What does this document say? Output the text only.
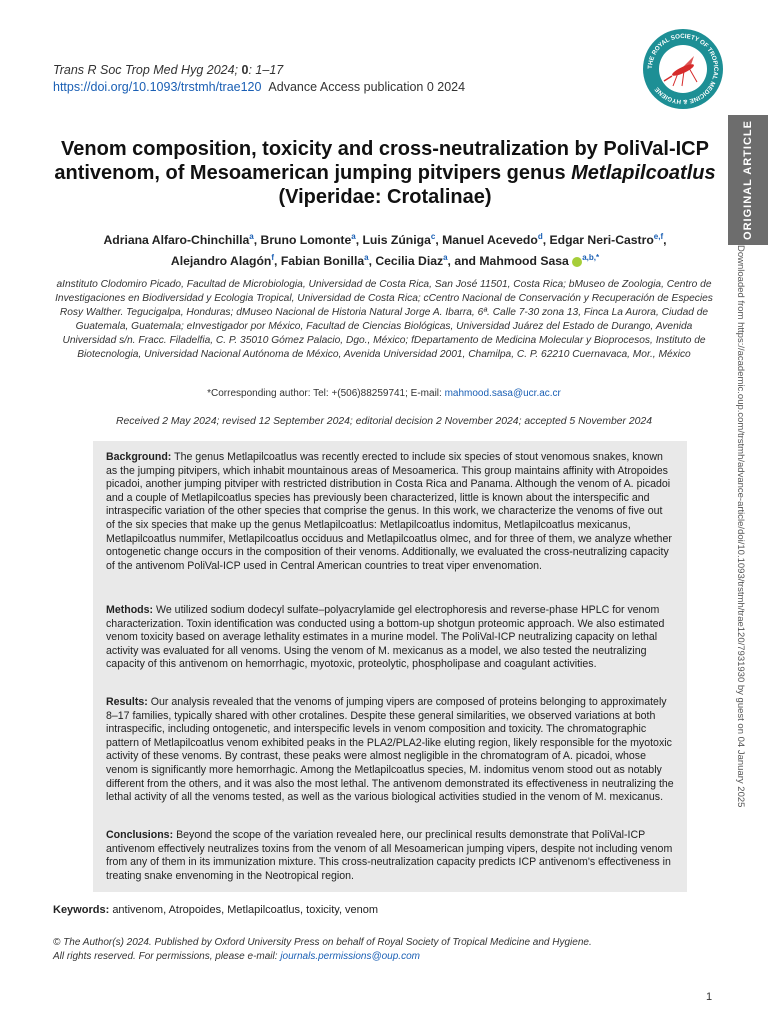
Trans R Soc Trop Med Hyg 2024; 0: 1–17
https://doi.org/10.1093/trstmh/trae120 Advance Access publication 0 2024
THE ROYAL SOCIETY OF TROPICAL MEDICINE & HYGIENE
ORIGINAL ARTICLE
Downloaded from https://academic.oup.com/trstmh/advance-article/doi/10.1093/trstmh/trae120/7931930 by guest on 04 January 2025
Venom composition, toxicity and cross-neutralization by PoliVal-ICP
antivenom, of Mesoamerican jumping pitvipers genus Metlapilcoatlus
(Viperidae: Crotalinae)
Adriana Alfaro-Chinchilla$^a$, Bruno Lomonte$^a$, Luis Zúniga$^c$, Manuel Acevedo$^d$, Edgar Neri-Castro$^{e,f}$,
Alejandro Alagón$^f$, Fabian Bonilla$^a$, Cecilia Diaz$^a$, and Mahmood Sasa $^{a,b,*}$
aInstituto Clodomiro Picado, Facultad de Microbiologia, Universidad de Costa Rica, San José 11501, Costa Rica; bMuseo de Zoologia, Centro de Investigaciones en Biodiversidad y Ecologia Tropical, Universidad de Costa Rica; cCentro Nacional de Conservación y Recuperación de Especies Rosy Walther. Tegucigalpa, Honduras; dMuseo Nacional de Historia Natural Jorge A. Ibarra, 6ª. Calle 7-30 zona 13, Finca La Aurora, Ciudad de Guatemala, Guatemala; eInvestigador por México, Facultad de Ciencias Biológicas, Universidad Juárez del Estado de Durango, Avenida Universidad s/n. Fracc. Filadelfia, C. P. 35010 Gómez Palacio, Dgo., México; fDepartamento de Medicina Molecular y Bioprocesos, Instituto de Biotecnologia, Universidad Nacional Autónoma de México, Avenida Universidad 2001, Chamilpa, C. P. 62210 Cuernavaca, Mor., México
*Corresponding author: Tel: +(506)88259741; E-mail: mahmood.sasa@ucr.ac.cr
Received 2 May 2024; revised 12 September 2024; editorial decision 2 November 2024; accepted 5 November 2024
Background: The genus Metlapilcoatlus was recently erected to include six species of stout venomous snakes, known as the jumping pitvipers, which inhabit mountainous areas of Mesoamerica. This group maintains affinity with Atropoides picadoi, another jumping pitviper with restricted distribution in Costa Rica and Panama. Although the venom of A. picadoi and a couple of Metlapilcoatlus species has previously been characterized, little is known about the interspecific and intraspecific variation of the other species that comprise the genus. In this work, we characterize the venoms of five out of the six species that make up the genus Metlapilcoatlus: Metlapilcoatlus indomitus, Metlapilcoatlus mexicanus, Metlapilcoatlus nummifer, Metlapilcoatlus occiduus and Metlapilcoatlus olmec, and for three of them, we analyze whether ontogenetic change occurs in the composition of their venoms. Additionally, we evaluated the cross-neutralizing capacity of the antivenom PoliVal-ICP used in Central American countries to treat viper envenomation.
Methods: We utilized sodium dodecyl sulfate–polyacrylamide gel electrophoresis and reverse-phase HPLC for venom characterization. Toxin identification was conducted using a bottom-up shotgun proteomic approach. We also estimated venom toxicity based on average lethality estimates in a murine model. The PoliVal-ICP neutralizing capacity on lethal activity was evaluated for all venoms. Using the venom of M. mexicanus as a model, we also tested the neutralizing capacity of this antivenom on hemorrhagic, myotoxic, proteolytic, phospholipase and coagulant activities.
Results: Our analysis revealed that the venoms of jumping vipers are composed of proteins belonging to approximately 8–17 families, typically shared with other crotalines. Despite these general similarities, we observed variations at both intraspecific, including ontogenetic, and interspecific levels in venom composition and toxicity. The chromatographic pattern of Metlapilcoatlus venom exhibited peaks in the PLA2/PLA2-like eluting region, likely responsible for the myotoxic activity of these venoms. By contrast, these peaks were almost negligible in the chromatogram of A. picadoi, whose venom is significantly more hemorrhagic. Among the Metlapilcoatlus species, M. indomitus venom stood out as notably different from the others, and it was also the most lethal. The antivenom demonstrated its effectiveness in neutralizing the lethal activity of all the venoms tested, as well as the various biological activities studied in the venom of M. mexicanus.
Conclusions: Beyond the scope of the variation revealed here, our preclinical results demonstrate that PoliVal-ICP antivenom effectively neutralizes toxins from the venom of all Mesoamerican jumping vipers, despite not including venom from any of them in its immunization mixture. This cross-neutralization capacity predicts ICP antivenom's effectiveness in treating snake envenoming in the Neotropical region.
Keywords: antivenom, Atropoides, Metlapilcoatlus, toxicity, venom
© The Author(s) 2024. Published by Oxford University Press on behalf of Royal Society of Tropical Medicine and Hygiene.
All rights reserved. For permissions, please e-mail: journals.permissions@oup.com
1
